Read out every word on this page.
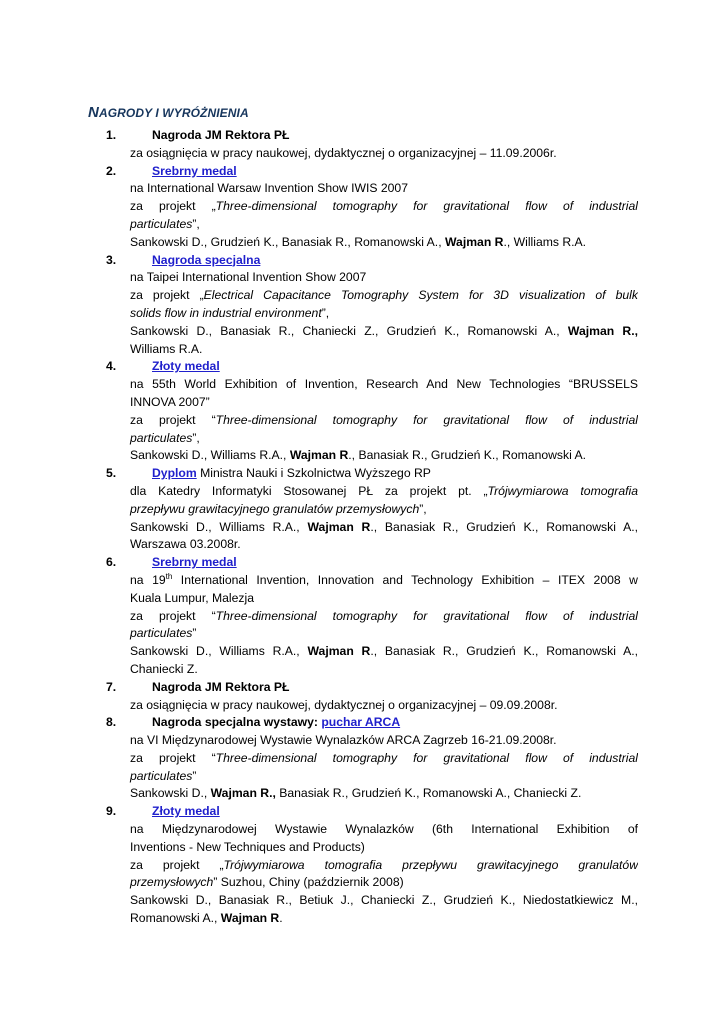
NAGRODY I WYRÓŻNIENIA
1.	Nagroda JM Rektora PŁ
za osiągnięcia w pracy naukowej, dydaktycznej o organizacyjnej – 11.09.2006r.
2.	Srebrny medal
na International Warsaw Invention Show IWIS 2007
za projekt „Three-dimensional tomography for gravitational flow of industrial
particulates”,
Sankowski D., Grudzień K., Banasiak R., Romanowski A., Wajman R., Williams R.A.
3.	Nagroda specjalna
na Taipei International Invention Show 2007
za projekt „Electrical Capacitance Tomography System for 3D visualization of bulk
solids flow in industrial environment”,
Sankowski D., Banasiak R., Chaniecki Z., Grudzień K., Romanowski A., Wajman R.,
Williams R.A.
4.	Złoty medal
na 55th World Exhibition of Invention, Research And New Technologies “BRUSSELS
INNOVA 2007”
za projekt “Three-dimensional tomography for gravitational flow of industrial
particulates”,
Sankowski D., Williams R.A., Wajman R., Banasiak R., Grudzień K., Romanowski A.
5.	Dyplom Ministra Nauki i Szkolnictwa Wyższego RP
dla Katedry Informatyki Stosowanej PŁ za projekt pt. „Trójwymiarowa tomografia
przepływu grawitacyjnego granulatów przemysłowych”,
Sankowski D., Williams R.A., Wajman R., Banasiak R., Grudzień K., Romanowski A.,
Warszawa 03.2008r.
6.	Srebrny medal
na 19th International Invention, Innovation and Technology Exhibition – ITEX 2008 w
Kuala Lumpur, Malezja
za projekt “Three-dimensional tomography for gravitational flow of industrial
particulates”
Sankowski D., Williams R.A., Wajman R., Banasiak R., Grudzień K., Romanowski A.,
Chaniecki Z.
7.	Nagroda JM Rektora PŁ
za osiągnięcia w pracy naukowej, dydaktycznej o organizacyjnej – 09.09.2008r.
8.	Nagroda specjalna wystawy: puchar ARCA
na VI Międzynarodowej Wystawie Wynalazków ARCA Zagrzeb 16-21.09.2008r.
za projekt “Three-dimensional tomography for gravitational flow of industrial
particulates”
Sankowski D., Wajman R., Banasiak R., Grudzień K., Romanowski A., Chaniecki Z.
9.	Złoty medal
na Międzynarodowej Wystawie Wynalazków (6th International Exhibition of
Inventions - New Techniques and Products)
za projekt „Trójwymiarowa tomografia przepływu grawitacyjnego granulatów
przemysłowych” Suzhou, Chiny (październik 2008)
Sankowski D., Banasiak R., Betiuk J., Chaniecki Z., Grudzień K., Niedostatkiewicz M.,
Romanowski A., Wajman R.
